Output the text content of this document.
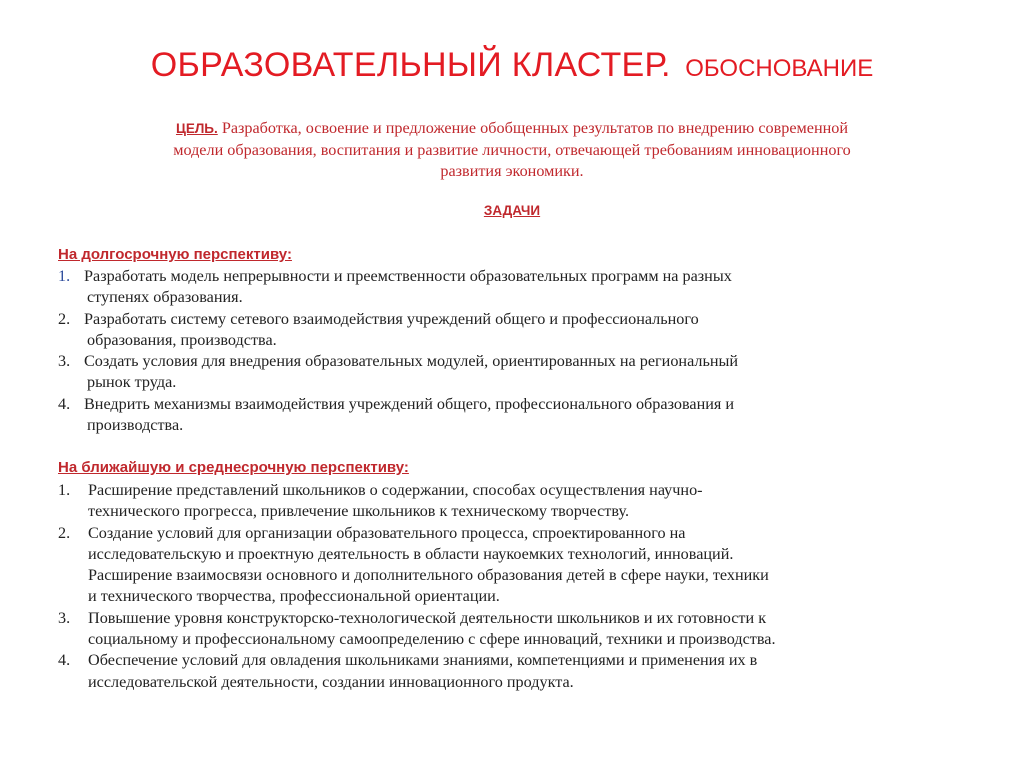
ОБРАЗОВАТЕЛЬНЫЙ КЛАСТЕР. ОБОСНОВАНИЕ
ЦЕЛЬ. Разработка, освоение и предложение обобщенных результатов по внедрению современной
модели образования, воспитания и развитие личности, отвечающей требованиям инновационного
развития экономики.
ЗАДАЧИ
На долгосрочную перспективу:
1. Разработать модель непрерывности и преемственности образовательных программ на разных
ступенях образования.
2. Разработать систему сетевого взаимодействия учреждений общего и профессионального
образования, производства.
3. Создать условия для внедрения образовательных модулей, ориентированных на региональный
рынок труда.
4. Внедрить механизмы взаимодействия учреждений общего, профессионального образования и
производства.
На ближайшую и среднесрочную перспективу:
1. Расширение представлений школьников о содержании, способах осуществления научно-
технического прогресса, привлечение школьников к техническому творчеству.
2. Создание условий для организации образовательного процесса, спроектированного на
исследовательскую и проектную деятельность в области наукоемких технологий, инноваций.
Расширение взаимосвязи основного и дополнительного образования детей в сфере науки, техники
и технического творчества, профессиональной ориентации.
3. Повышение уровня конструкторско-технологической деятельности школьников и их готовности к
социальному и профессиональному самоопределению с сфере инноваций, техники и производства.
4. Обеспечение условий для овладения школьниками знаниями, компетенциями и применения их в
исследовательской деятельности, создании инновационного продукта.
